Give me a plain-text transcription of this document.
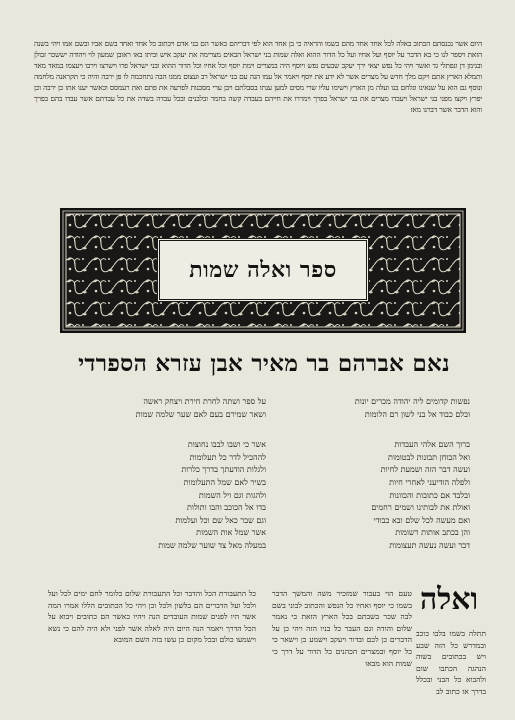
היום אשר נכנסתם הכתוב באלה לכל אחד אחד מהם בשמו והראיה כי בן אחד הוא לפי דבריהם כאשר הם בני אדם ויכתוב כל אחד ואחד בשם אביו ובשם אמו ויהי בשנה הזאת ויספר לנו כי בא הדבר על יוסף ועל אחיו ועל כל הדור ההוא ואלה שמות בני ישראל הבאים מצרימה את יעקב איש וביתו באו ראובן שמעון לוי ויהודה יששכר זבולן ובנימן דן ונפתלי גד ואשר ויהי כל נפש יצאי ירך יעקב שבעים נפש ויוסף היה במצרים וימת יוסף וכל אחיו וכל הדור ההוא ובני ישראל פרו וישרצו וירבו ויעצמו במאד מאד ותמלא הארץ אתם ויקם מלך חדש על מצרים אשר לא ידע את יוסף ויאמר אל עמו הנה עם בני ישראל רב ועצום ממנו הבה נתחכמה לו פן ירבה והיה כי תקראנה מלחמה ונוסף גם הוא על שנאינו ונלחם בנו ועלה מן הארץ וישימו עליו שרי מסים למען ענתו בסבלתם ויבן ערי מסכנות לפרעה את פתם ואת רעמסס וכאשר יענו אתו כן ירבה וכן יפרץ ויקצו מפני בני ישראל ויעבדו מצרים את בני ישראל בפרך וימררו את חייהם בעבדה קשה בחמר ובלבנים ובכל עבדה בשדה את כל עבדתם אשר עבדו בהם בפרך והוא הדבר אשר דברנו מאז
ספר ואלה שמות
נאם אברהם בר מאיר אבן עזרא הספרדי
על ספר ושתה לחרת חירת ויצחק ראשה
ושאר שמירם בעם לאם שער שלמה שמות
אשר כי ושבו לבבו נחוצות
לההכיל לדר כל תעלומות
ולגלות הודעתך בדרך כלרות
בשיר לאם שמל התעלומות
ולהגות וגם ויל השמות
בדו אל הכוכב והבו ותולות
וגם שבר כאל שם וכל ועלמות
אשר שמל אות השמות
במעלה מאל צד שוער שלמה שמות
נפשות קדומים ליה יהודה מכרים יונות
ובלם כבוד אל בני לשון רם הלומות
ברוך השם אלהי העבדות
ואל הבוחן תבונות לבטומות
ועשה דבר הזה ושמעת לחיות
ולפלה הודיעני לאחרי חיות
ובלבד אם כתובות והכוונות
ואולת את לבותינו ושמים רחמים
ואם מעשה לכל שלם ובא כבודי
והן בכתב אותות רשומות
דבר ועשה נעשה תעצומות
כל התעבורת הכל והדבר וכל התעבורת שלום כלומר לחם ימים לכל ועל ולכל ועל הדברים הם בלשון ולכל וכן ויהי כל הכתובים הללו אמרו המה אשר היו לפנים שמות העובדים הנה ויהיו כאשר הם כתובים ויבוא על הכל הדרך ויאמר הנה היום היה לאלה אשר לפני ולא היה להם כי נשא וישמעו כולם ובכל מקום כן עשו בזה השם המובא
טעם הוי בעבור שמזכיר משה והמשך הדבר בשמו כי יוסף ואחיו כל הנפש והכתוב לבוני בשם לבה שכר בשבתם בכל הארץ הזאת כי נאמר שלום והודה וגם העבר כל בניו הזה ויהי כן על הדברים כן לכם ובדור ויעקב וישמע כן וישאר כי כל יוסף ובמצרים הכהנים כל הדור על דרך כי שמות הוא מבאו
ואלה
תתלה בשמו בלבו כוכב ובמדרש כל הזה שבע ויש בכתובים בשוה הנהגה הכתבו שום ולהבוא כל הבני ובכלל בדרך אז כתוב לב
